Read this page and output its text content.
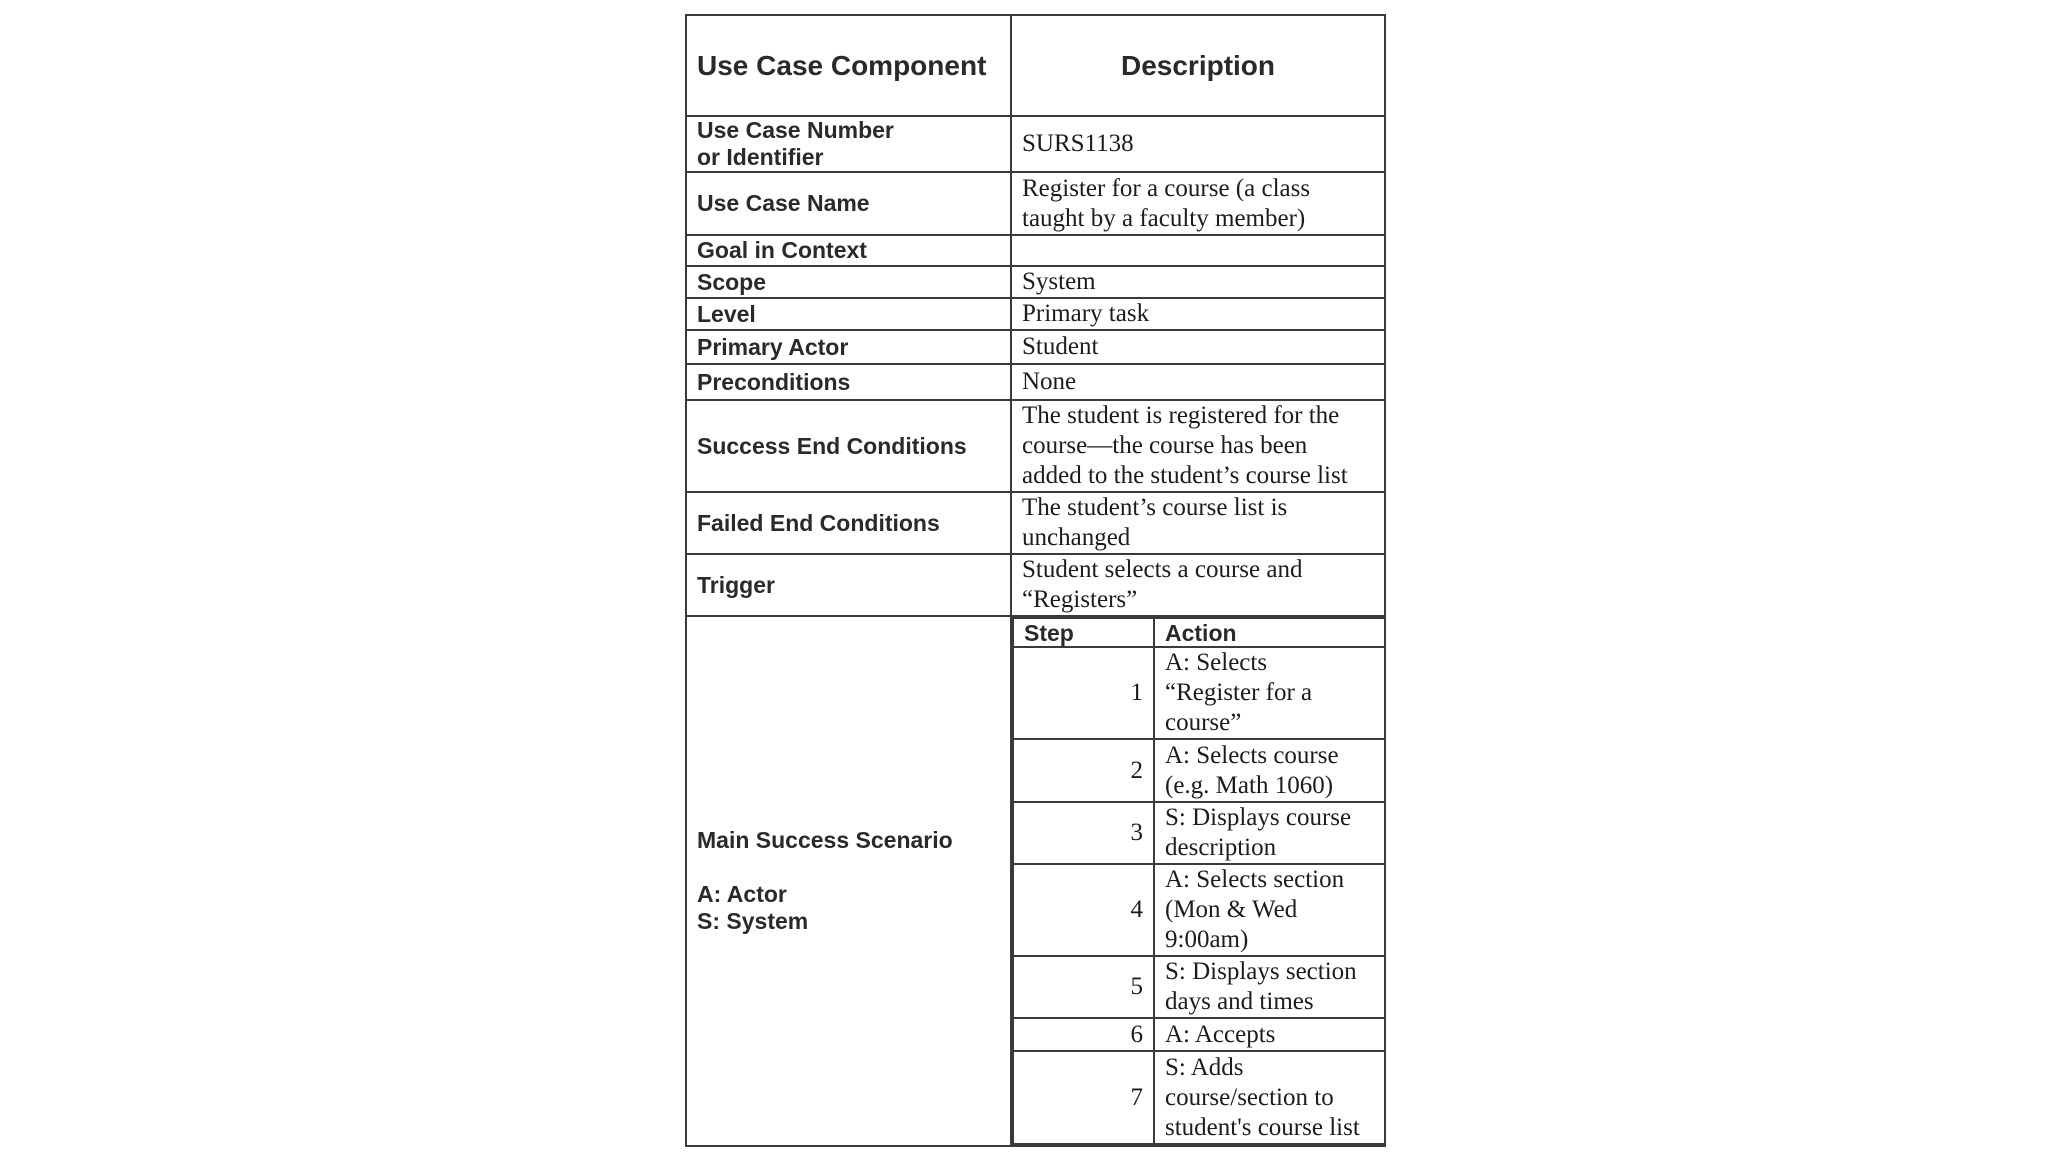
Use Case Component	Description
Use Case Number
or Identifier	SURS1138
Use Case Name	Register for a course (a class
taught by a faculty member)
Goal in Context	
Scope	System
Level	Primary task
Primary Actor	Student
Preconditions	None
Success End Conditions	The student is registered for the
course—the course has been
added to the student’s course list
Failed End Conditions	The student’s course list is
unchanged
Trigger	Student selects a course and
“Registers”

Main Success Scenario
A: Actor
S: System

Step	Action
1	A: Selects
“Register for a
course”
2	A: Selects course
(e.g. Math 1060)
3	S: Displays course
description
4	A: Selects section
(Mon & Wed
9:00am)
5	S: Displays section
days and times
6	A: Accepts
7	S: Adds
course/section to
student's course list
